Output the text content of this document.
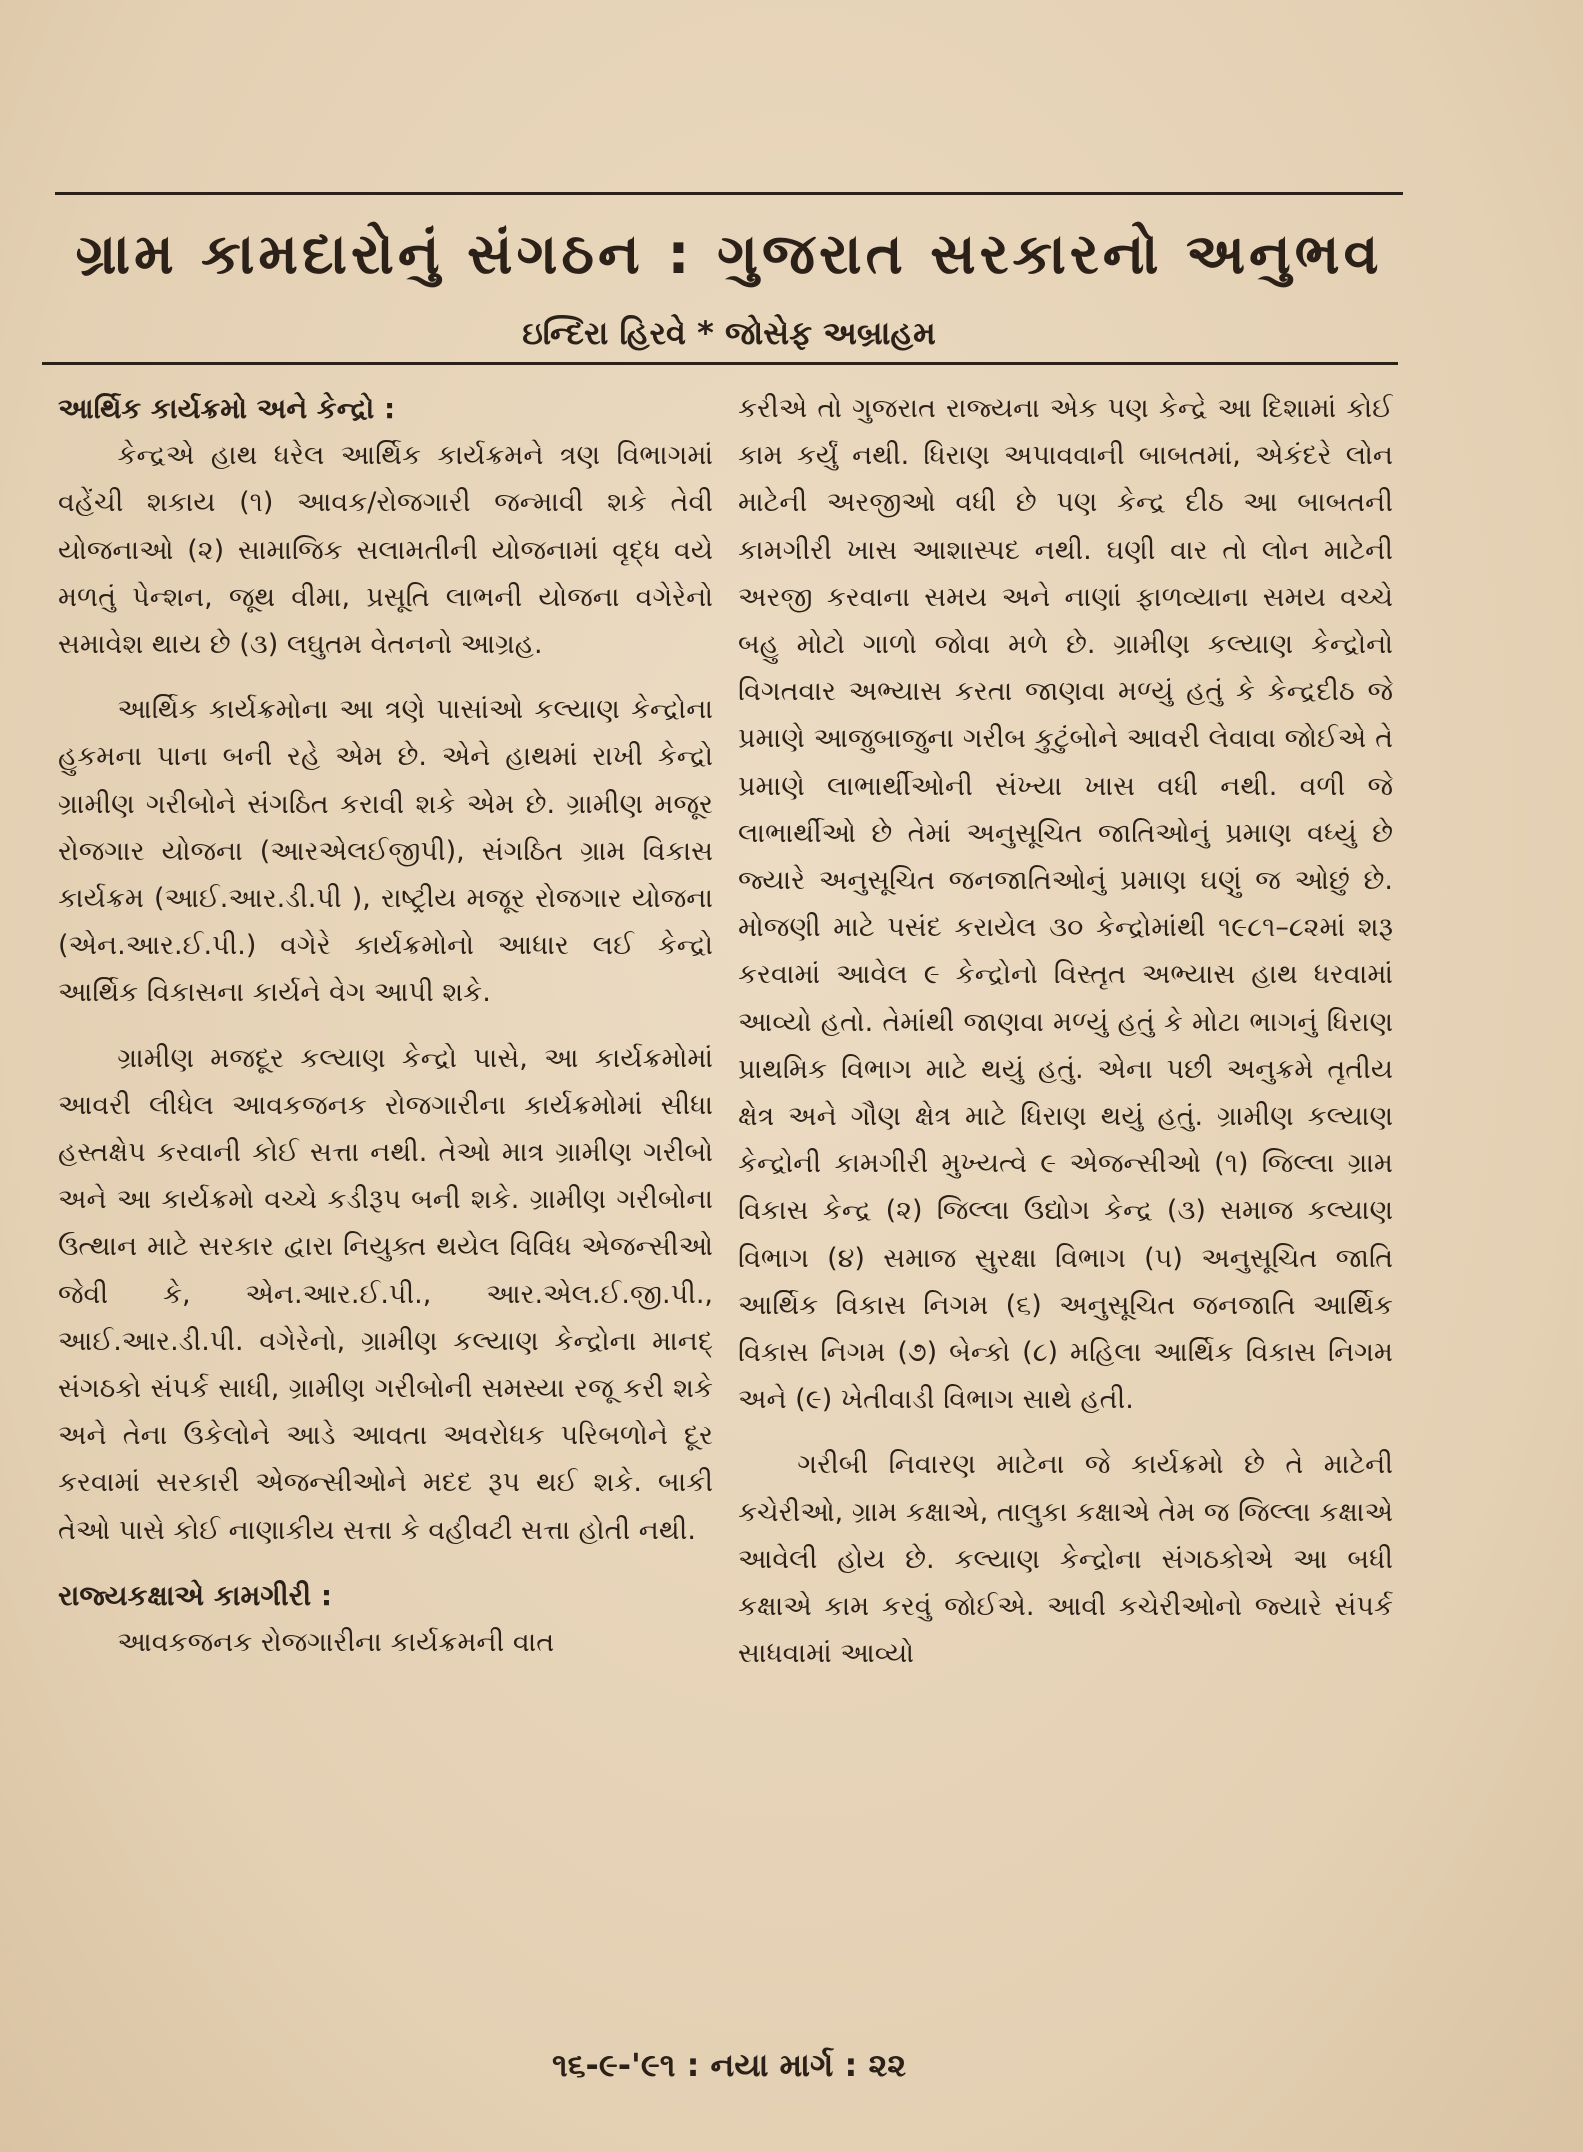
ગ્રામ કામદારોનું સંગઠન : ગુજરાત સરકારનો અનુભવ
ઇન્દિરા હિરવે * જોસેફ અબ્રાહમ
આર્થિક કાર્યક્રમો અને કેન્દ્રો :

કેન્દ્રએ હાથ ધરેલ આર્થિક કાર્યક્રમને ત્રણ વિભાગમાં વહેંચી શકાય (૧) આવક/રોજગારી જન્માવી શકે તેવી યોજનાઓ (૨) સામાજિક સલામતીની યોજનામાં વૃદ્ધ વયે મળતું પેન્શન, જૂથ વીમા, પ્રસૂતિ લાભની યોજના વગેરેનો સમાવેશ થાય છે (૩) લઘુતમ વેતનનો આગ્રહ.

આર્થિક કાર્યક્રમોના આ ત્રણે પાસાંઓ કલ્યાણ કેન્દ્રોના હુકમના પાના બની રહે એમ છે. એને હાથમાં રાખી કેન્દ્રો ગ્રામીણ ગરીબોને સંગઠિત કરાવી શકે એમ છે. ગ્રામીણ મજૂર રોજગાર યોજના (આરએલઈજીપી), સંગઠિત ગ્રામ વિકાસ કાર્યક્રમ (આઈ.આર.ડી.પી ), રાષ્ટ્રીય મજૂર રોજગાર યોજના (એન.આર.ઈ.પી.) વગેરે કાર્યક્રમોનો આધાર લઈ કેન્દ્રો આર્થિક વિકાસના કાર્યને વેગ આપી શકે.

ગ્રામીણ મજદૂર કલ્યાણ કેન્દ્રો પાસે, આ કાર્યક્રમોમાં આવરી લીધેલ આવકજનક રોજગારીના કાર્યક્રમોમાં સીધા હસ્તક્ષેપ કરવાની કોઈ સત્તા નથી. તેઓ માત્ર ગ્રામીણ ગરીબો અને આ કાર્યક્રમો વચ્ચે કડીરૂપ બની શકે. ગ્રામીણ ગરીબોના ઉત્થાન માટે સરકાર દ્વારા નિયુક્ત થયેલ વિવિધ એજન્સીઓ જેવી કે, એન.આર.ઈ.પી., આર.એલ.ઈ.જી.પી., આઈ.આર.ડી.પી. વગેરેનો, ગ્રામીણ કલ્યાણ કેન્દ્રોના માનદ્ સંગઠકો સંપર્ક સાધી, ગ્રામીણ ગરીબોની સમસ્યા રજૂ કરી શકે અને તેના ઉકેલોને આડે આવતા અવરોધક પરિબળોને દૂર કરવામાં સરકારી એજન્સીઓને મદદ રૂપ થઈ શકે. બાકી તેઓ પાસે કોઈ નાણાકીય સત્તા કે વહીવટી સત્તા હોતી નથી.

રાજ્યકક્ષાએ કામગીરી :

આવકજનક રોજગારીના કાર્યક્રમની વાત

કરીએ તો ગુજરાત રાજ્યના એક પણ કેન્દ્રે આ દિશામાં કોઈ કામ કર્યું નથી. ધિરાણ અપાવવાની બાબતમાં, એકંદરે લોન માટેની અરજીઓ વધી છે પણ કેન્દ્ર દીઠ આ બાબતની કામગીરી ખાસ આશાસ્પદ નથી. ઘણી વાર તો લોન માટેની અરજી કરવાના સમય અને નાણાં ફાળવ્યાના સમય વચ્ચે બહુ મોટો ગાળો જોવા મળે છે. ગ્રામીણ કલ્યાણ કેન્દ્રોનો વિગતવાર અભ્યાસ કરતા જાણવા મળ્યું હતું કે કેન્દ્રદીઠ જે પ્રમાણે આજુબાજુના ગરીબ કુટુંબોને આવરી લેવાવા જોઈએ તે પ્રમાણે લાભાર્થીઓની સંખ્યા ખાસ વધી નથી. વળી જે લાભાર્થીઓ છે તેમાં અનુસૂચિત જાતિઓનું પ્રમાણ વધ્યું છે જ્યારે અનુસૂચિત જનજાતિઓનું પ્રમાણ ઘણું જ ઓછું છે. મોજણી માટે પસંદ કરાયેલ ૩૦ કેન્દ્રોમાંથી ૧૯૮૧–૮૨માં શરૂ કરવામાં આવેલ ૯ કેન્દ્રોનો વિસ્તૃત અભ્યાસ હાથ ધરવામાં આવ્યો હતો. તેમાંથી જાણવા મળ્યું હતું કે મોટા ભાગનું ધિરાણ પ્રાથમિક વિભાગ માટે થયું હતું. એના પછી અનુક્રમે તૃતીય ક્ષેત્ર અને ગૌણ ક્ષેત્ર માટે ધિરાણ થયું હતું. ગ્રામીણ કલ્યાણ કેન્દ્રોની કામગીરી મુખ્યત્વે ૯ એજન્સીઓ (૧) જિલ્લા ગ્રામ વિકાસ કેન્દ્ર (૨) જિલ્લા ઉદ્યોગ કેન્દ્ર (૩) સમાજ કલ્યાણ વિભાગ (૪) સમાજ સુરક્ષા વિભાગ (૫) અનુસૂચિત જાતિ આર્થિક વિકાસ નિગમ (૬) અનુસૂચિત જનજાતિ આર્થિક વિકાસ નિગમ (૭) બેન્કો (૮) મહિલા આર્થિક વિકાસ નિગમ અને (૯) ખેતીવાડી વિભાગ સાથે હતી.

ગરીબી નિવારણ માટેના જે કાર્યક્રમો છે તે માટેની કચેરીઓ, ગ્રામ કક્ષાએ, તાલુકા કક્ષાએ તેમ જ જિલ્લા કક્ષાએ આવેલી હોય છે. કલ્યાણ કેન્દ્રોના સંગઠકોએ આ બધી કક્ષાએ કામ કરવું જોઈએ. આવી કચેરીઓનો જ્યારે સંપર્ક સાધવામાં આવ્યો

૧૬-૯-'૯૧ : નયા માર્ગ : ૨૨
